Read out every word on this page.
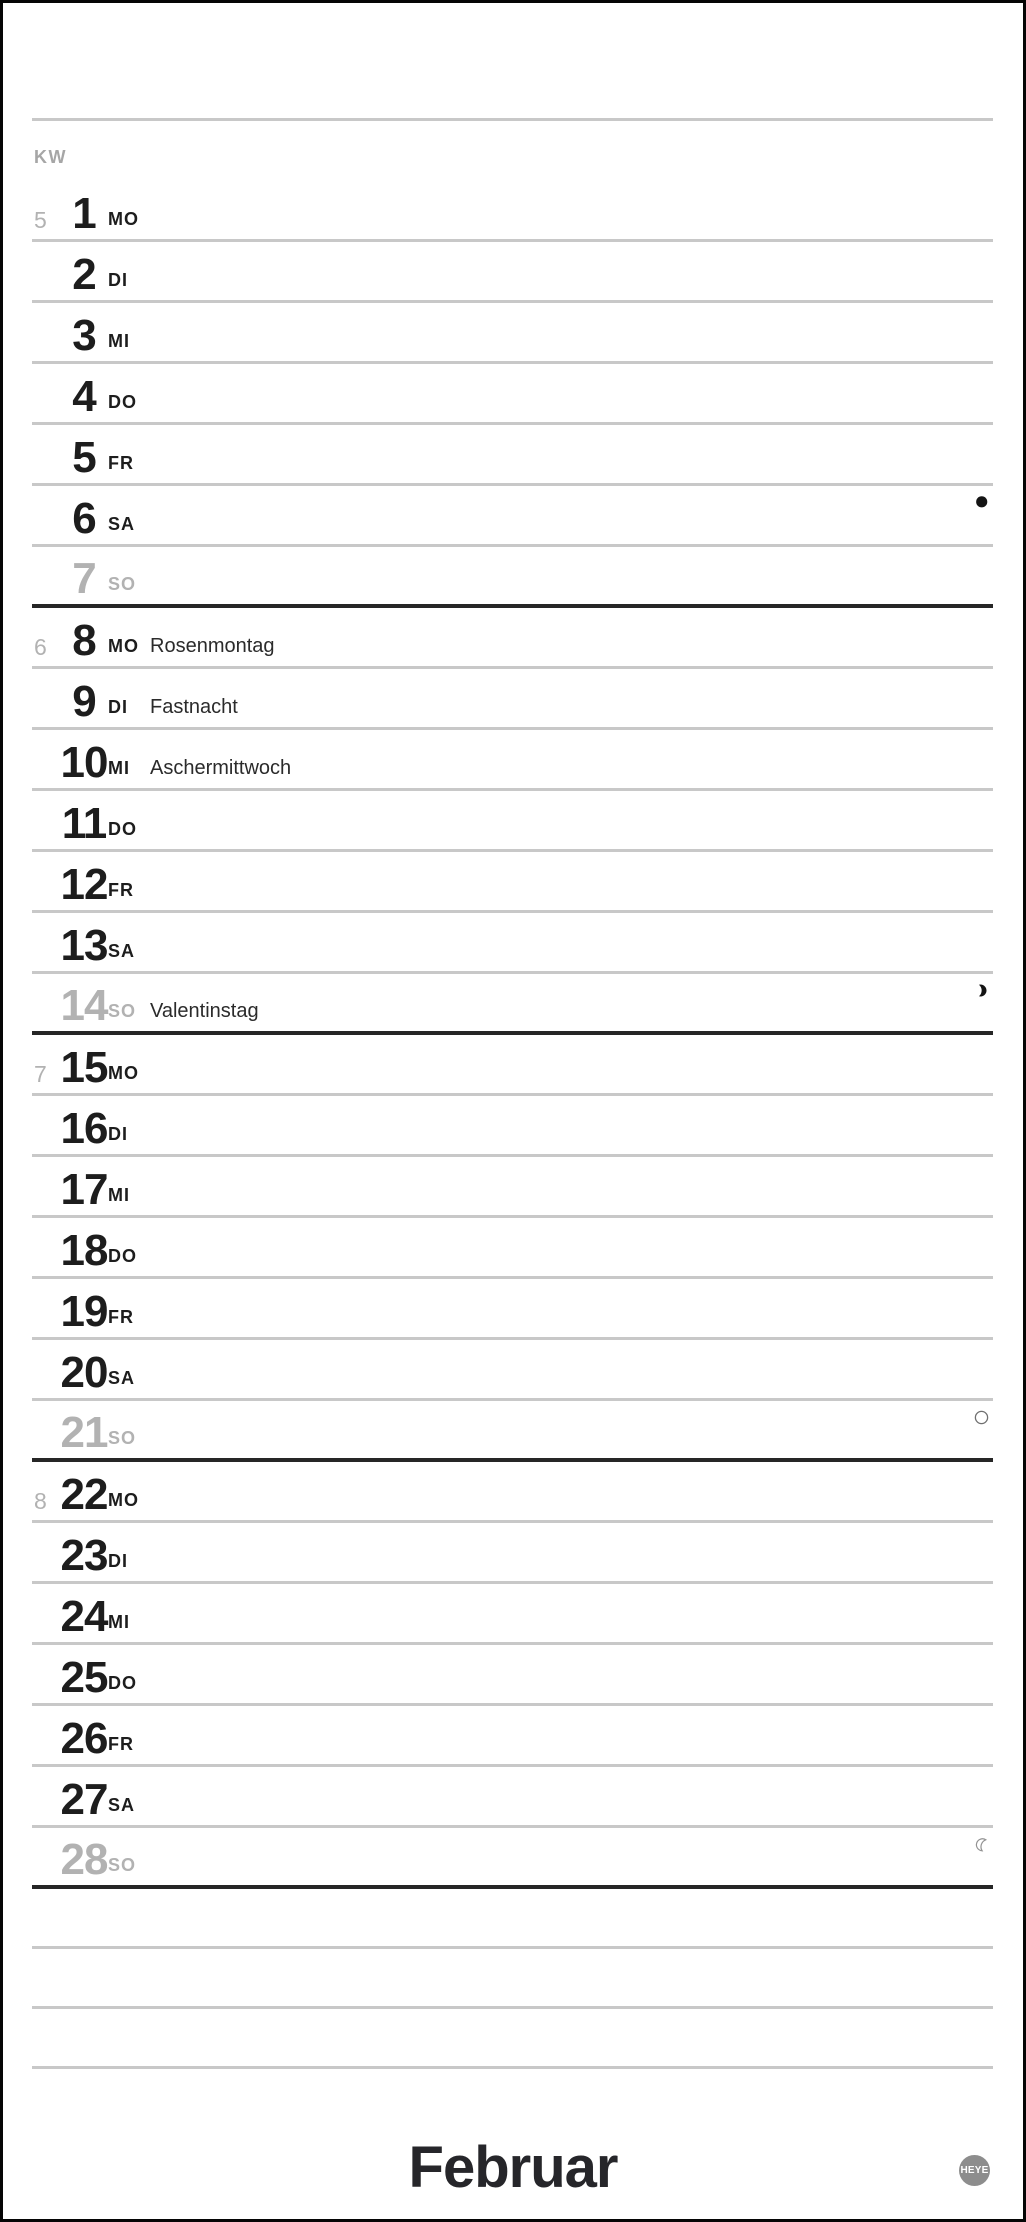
KW
5 1 MO
2 DI
3 MI
4 DO
5 FR
6 SA
7 SO
6 8 MO Rosenmontag
9 DI Fastnacht
10 MI Aschermittwoch
11 DO
12 FR
13 SA
14 SO Valentinstag
7 15 MO
16 DI
17 MI
18 DO
19 FR
20 SA
21 SO
8 22 MO
23 DI
24 MI
25 DO
26 FR
27 SA
28 SO
Februar	HEYE
